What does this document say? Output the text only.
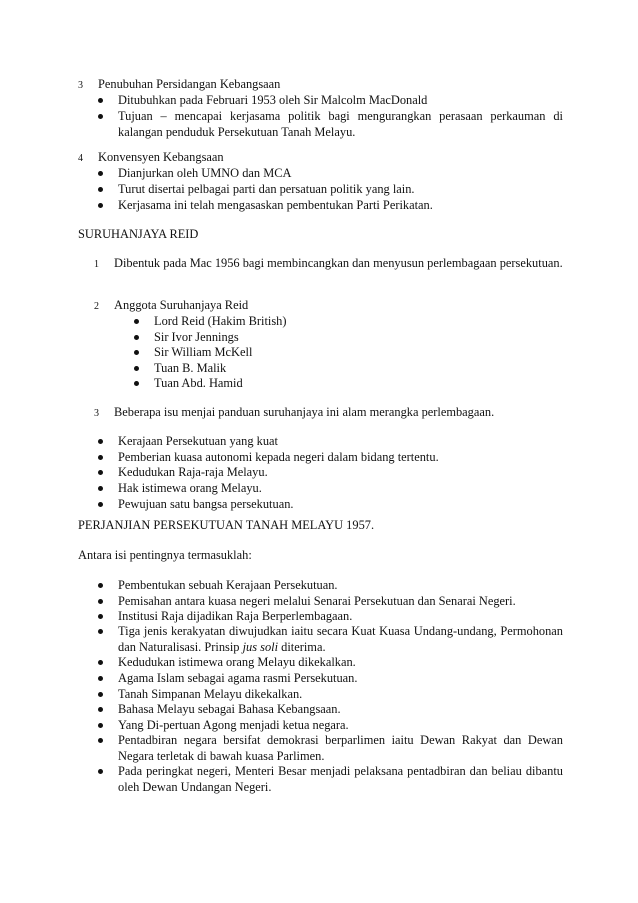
3 Penubuhan Persidangan Kebangsaan
Ditubuhkan pada Februari 1953 oleh Sir Malcolm MacDonald
Tujuan – mencapai kerjasama politik bagi mengurangkan perasaan perkauman di kalangan penduduk Persekutuan Tanah Melayu.
4 Konvensyen Kebangsaan
Dianjurkan oleh UMNO dan MCA
Turut disertai pelbagai parti dan persatuan politik yang lain.
Kerjasama ini telah mengasaskan pembentukan Parti Perikatan.
SURUHANJAYA REID
1 Dibentuk pada Mac 1956 bagi membincangkan dan menyusun perlembagaan persekutuan.
2 Anggota Suruhanjaya Reid
Lord Reid (Hakim British)
Sir Ivor Jennings
Sir William McKell
Tuan B. Malik
Tuan Abd. Hamid
3 Beberapa isu menjai panduan suruhanjaya ini alam merangka perlembagaan.
Kerajaan Persekutuan yang kuat
Pemberian kuasa autonomi kepada negeri dalam bidang tertentu.
Kedudukan Raja-raja Melayu.
Hak istimewa orang Melayu.
Pewujuan satu bangsa persekutuan.
PERJANJIAN PERSEKUTUAN TANAH MELAYU 1957.
Antara isi pentingnya termasuklah:
Pembentukan sebuah Kerajaan Persekutuan.
Pemisahan antara kuasa negeri melalui Senarai Persekutuan dan Senarai Negeri.
Institusi Raja dijadikan Raja Berperlembagaan.
Tiga jenis kerakyatan diwujudkan iaitu secara Kuat Kuasa Undang-undang, Permohonan dan Naturalisasi. Prinsip jus soli diterima.
Kedudukan istimewa orang Melayu dikekalkan.
Agama Islam sebagai agama rasmi Persekutuan.
Tanah Simpanan Melayu dikekalkan.
Bahasa Melayu sebagai Bahasa Kebangsaan.
Yang Di-pertuan Agong menjadi ketua negara.
Pentadbiran negara bersifat demokrasi berparlimen iaitu Dewan Rakyat dan Dewan Negara terletak di bawah kuasa Parlimen.
Pada peringkat negeri, Menteri Besar menjadi pelaksana pentadbiran dan beliau dibantu oleh Dewan Undangan Negeri.
